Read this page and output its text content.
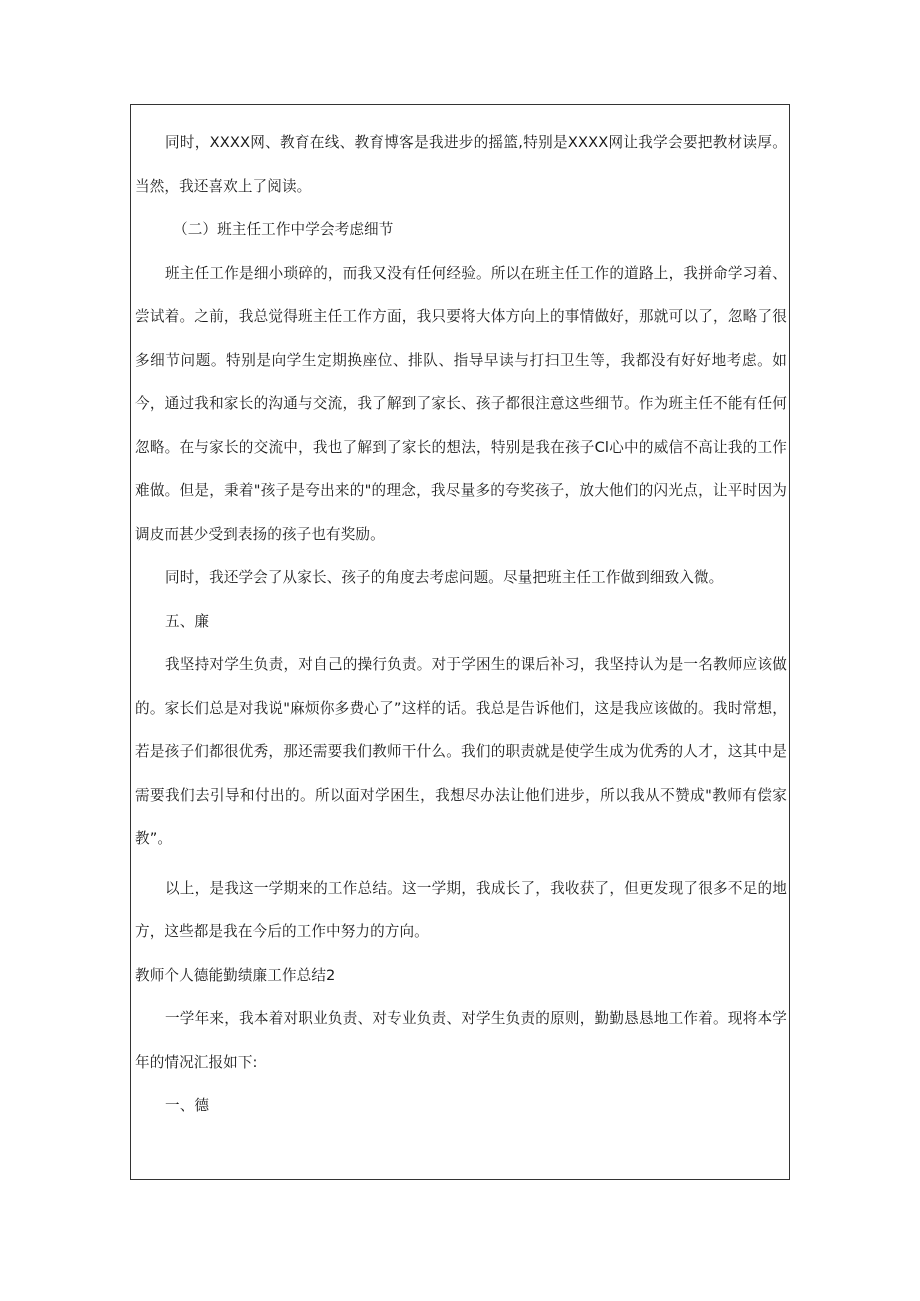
同时，XXXX网、教育在线、教育博客是我进步的摇篮,特别是XXXX网让我学会要把教材读厚。当然，我还喜欢上了阅读。

（二）班主任工作中学会考虑细节

班主任工作是细小琐碎的，而我又没有任何经验。所以在班主任工作的道路上，我拼命学习着、尝试着。之前，我总觉得班主任工作方面，我只要将大体方向上的事情做好，那就可以了，忽略了很多细节问题。特别是向学生定期换座位、排队、指导早读与打扫卫生等，我都没有好好地考虑。如今，通过我和家长的沟通与交流，我了解到了家长、孩子都很注意这些细节。作为班主任不能有任何忽略。在与家长的交流中，我也了解到了家长的想法，特别是我在孩子Cl心中的威信不高让我的工作难做。但是，秉着"孩子是夸出来的"的理念，我尽量多的夸奖孩子，放大他们的闪光点，让平时因为调皮而甚少受到表扬的孩子也有奖励。

同时，我还学会了从家长、孩子的角度去考虑问题。尽量把班主任工作做到细致入微。

五、廉

我坚持对学生负责，对自己的操行负责。对于学困生的课后补习，我坚持认为是一名教师应该做的。家长们总是对我说"麻烦你多费心了”这样的话。我总是告诉他们，这是我应该做的。我时常想，若是孩子们都很优秀，那还需要我们教师干什么。我们的职责就是使学生成为优秀的人才，这其中是需要我们去引导和付出的。所以面对学困生，我想尽办法让他们进步，所以我从不赞成"教师有偿家教”。

以上，是我这一学期来的工作总结。这一学期，我成长了，我收获了，但更发现了很多不足的地方，这些都是我在今后的工作中努力的方向。

教师个人德能勤绩廉工作总结2

一学年来，我本着对职业负责、对专业负责、对学生负责的原则，勤勤恳恳地工作着。现将本学年的情况汇报如下:

一、德
